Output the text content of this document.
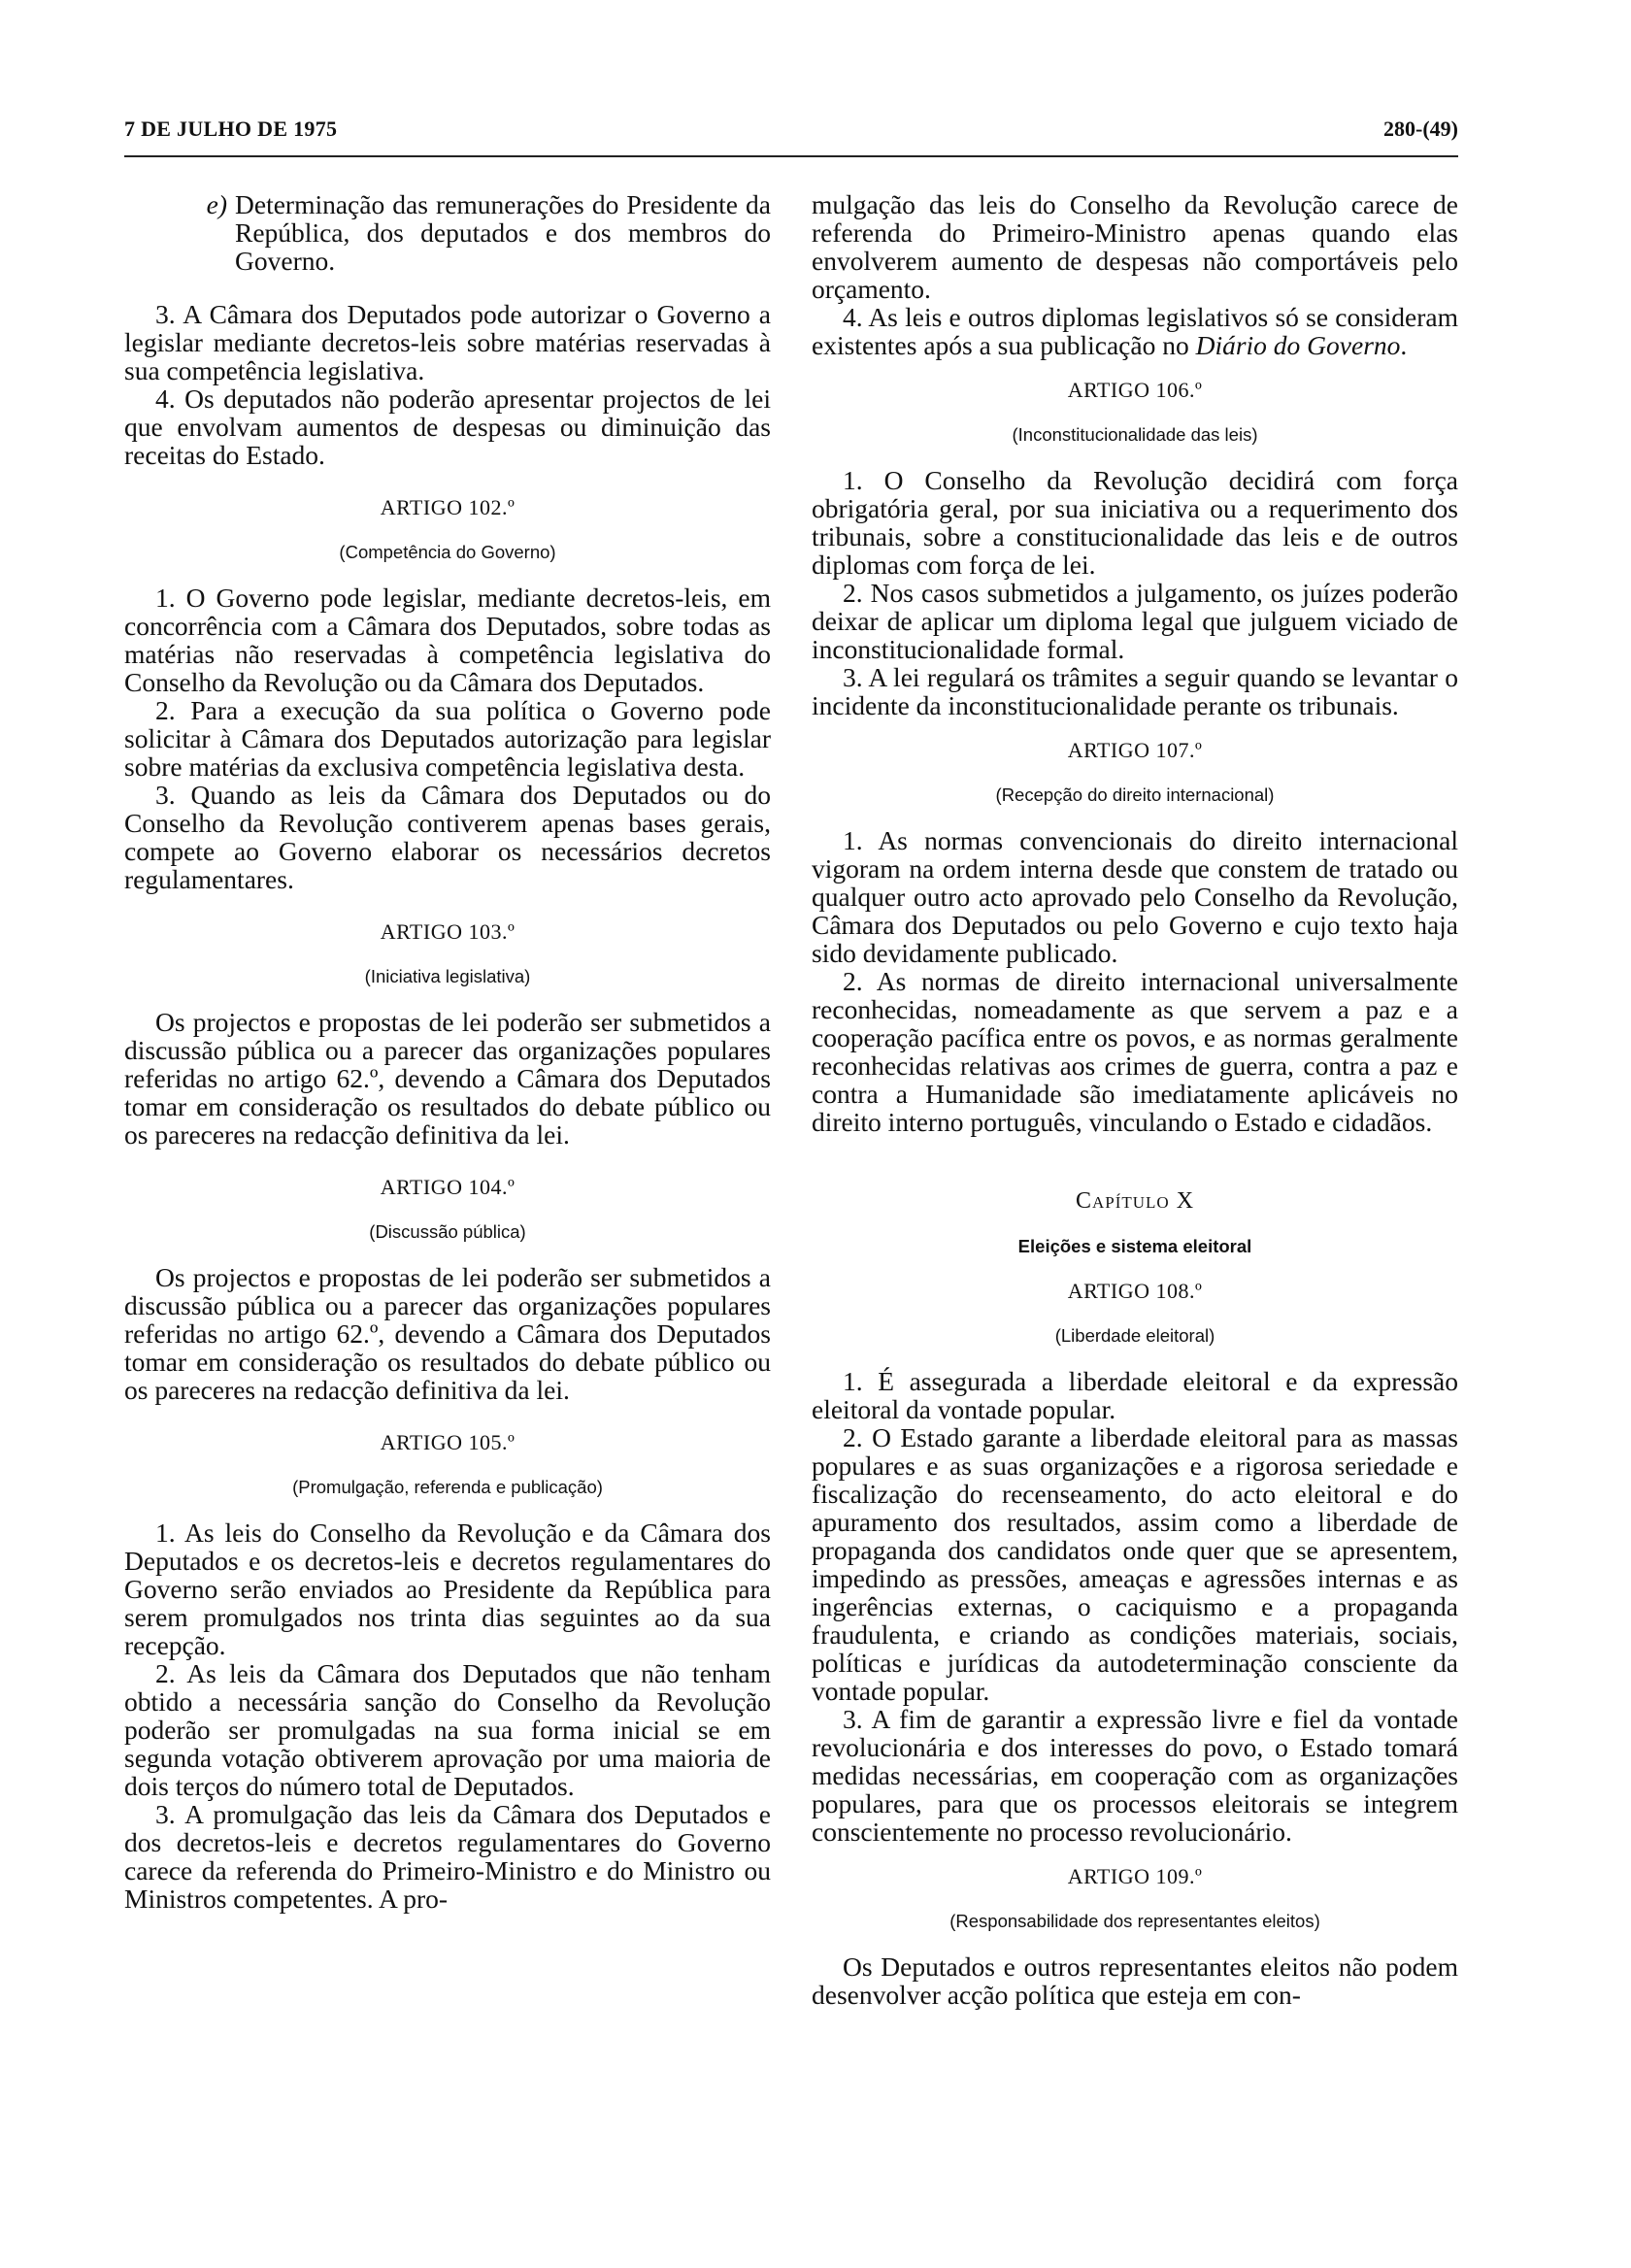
7 DE JULHO DE 1975	280-(49)

e) Determinação das remunerações do Presidente da República, dos deputados e dos membros do Governo.

3. A Câmara dos Deputados pode autorizar o Governo a legislar mediante decretos-leis sobre matérias reservadas à sua competência legislativa.

4. Os deputados não poderão apresentar projectos de lei que envolvam aumentos de despesas ou diminuição das receitas do Estado.

ARTIGO 102.º

(Competência do Governo)

1. O Governo pode legislar, mediante decretos-leis, em concorrência com a Câmara dos Deputados, sobre todas as matérias não reservadas à competência legislativa do Conselho da Revolução ou da Câmara dos Deputados.

2. Para a execução da sua política o Governo pode solicitar à Câmara dos Deputados autorização para legislar sobre matérias da exclusiva competência legislativa desta.

3. Quando as leis da Câmara dos Deputados ou do Conselho da Revolução contiverem apenas bases gerais, compete ao Governo elaborar os necessários decretos regulamentares.

ARTIGO 103.º

(Iniciativa legislativa)

Os projectos e propostas de lei poderão ser submetidos a discussão pública ou a parecer das organizações populares referidas no artigo 62.º, devendo a Câmara dos Deputados tomar em consideração os resultados do debate público ou os pareceres na redacção definitiva da lei.

ARTIGO 104.º

(Discussão pública)

Os projectos e propostas de lei poderão ser submetidos a discussão pública ou a parecer das organizações populares referidas no artigo 62.º, devendo a Câmara dos Deputados tomar em consideração os resultados do debate público ou os pareceres na redacção definitiva da lei.

ARTIGO 105.º

(Promulgação, referenda e publicação)

1. As leis do Conselho da Revolução e da Câmara dos Deputados e os decretos-leis e decretos regulamentares do Governo serão enviados ao Presidente da República para serem promulgados nos trinta dias seguintes ao da sua recepção.

2. As leis da Câmara dos Deputados que não tenham obtido a necessária sanção do Conselho da Revolução poderão ser promulgadas na sua forma inicial se em segunda votação obtiverem aprovação por uma maioria de dois terços do número total de Deputados.

3. A promulgação das leis da Câmara dos Deputados e dos decretos-leis e decretos regulamentares do Governo carece da referenda do Primeiro-Ministro e do Ministro ou Ministros competentes. A pro-

mulgação das leis do Conselho da Revolução carece de referenda do Primeiro-Ministro apenas quando elas envolverem aumento de despesas não comportáveis pelo orçamento.

4. As leis e outros diplomas legislativos só se consideram existentes após a sua publicação no Diário do Governo.

ARTIGO 106.º

(Inconstitucionalidade das leis)

1. O Conselho da Revolução decidirá com força obrigatória geral, por sua iniciativa ou a requerimento dos tribunais, sobre a constitucionalidade das leis e de outros diplomas com força de lei.

2. Nos casos submetidos a julgamento, os juízes poderão deixar de aplicar um diploma legal que julguem viciado de inconstitucionalidade formal.

3. A lei regulará os trâmites a seguir quando se levantar o incidente da inconstitucionalidade perante os tribunais.

ARTIGO 107.º

(Recepção do direito internacional)

1. As normas convencionais do direito internacional vigoram na ordem interna desde que constem de tratado ou qualquer outro acto aprovado pelo Conselho da Revolução, Câmara dos Deputados ou pelo Governo e cujo texto haja sido devidamente publicado.

2. As normas de direito internacional universalmente reconhecidas, nomeadamente as que servem a paz e a cooperação pacífica entre os povos, e as normas geralmente reconhecidas relativas aos crimes de guerra, contra a paz e contra a Humanidade são imediatamente aplicáveis no direito interno português, vinculando o Estado e cidadãos.

Capítulo X

Eleições e sistema eleitoral

ARTIGO 108.º

(Liberdade eleitoral)

1. É assegurada a liberdade eleitoral e da expressão eleitoral da vontade popular.

2. O Estado garante a liberdade eleitoral para as massas populares e as suas organizações e a rigorosa seriedade e fiscalização do recenseamento, do acto eleitoral e do apuramento dos resultados, assim como a liberdade de propaganda dos candidatos onde quer que se apresentem, impedindo as pressões, ameaças e agressões internas e as ingerências externas, o caciquismo e a propaganda fraudulenta, e criando as condições materiais, sociais, políticas e jurídicas da autodeterminação consciente da vontade popular.

3. A fim de garantir a expressão livre e fiel da vontade revolucionária e dos interesses do povo, o Estado tomará medidas necessárias, em cooperação com as organizações populares, para que os processos eleitorais se integrem conscientemente no processo revolucionário.

ARTIGO 109.º

(Responsabilidade dos representantes eleitos)

Os Deputados e outros representantes eleitos não podem desenvolver acção política que esteja em con-
